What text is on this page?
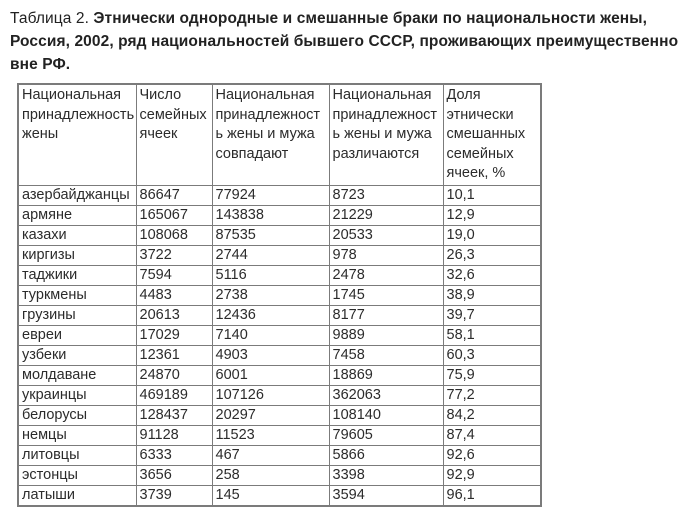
Таблица 2. Этнически однородные и смешанные браки по национальности жены, Россия, 2002, ряд национальностей бывшего СССР, проживающих преимущественно вне РФ.

Национальная принадлежность жены	Число семейных ячеек	Национальная принадлежность жены и мужа совпадают	Национальная принадлежность жены и мужа различаются	Доля этнически смешанных семейных ячеек, %
азербайджанцы	86647	77924	8723	10,1
армяне	165067	143838	21229	12,9
казахи	108068	87535	20533	19,0
киргизы	3722	2744	978	26,3
таджики	7594	5116	2478	32,6
туркмены	4483	2738	1745	38,9
грузины	20613	12436	8177	39,7
евреи	17029	7140	9889	58,1
узбеки	12361	4903	7458	60,3
молдаване	24870	6001	18869	75,9
украинцы	469189	107126	362063	77,2
белорусы	128437	20297	108140	84,2
немцы	91128	11523	79605	87,4
литовцы	6333	467	5866	92,6
эстонцы	3656	258	3398	92,9
латыши	3739	145	3594	96,1
